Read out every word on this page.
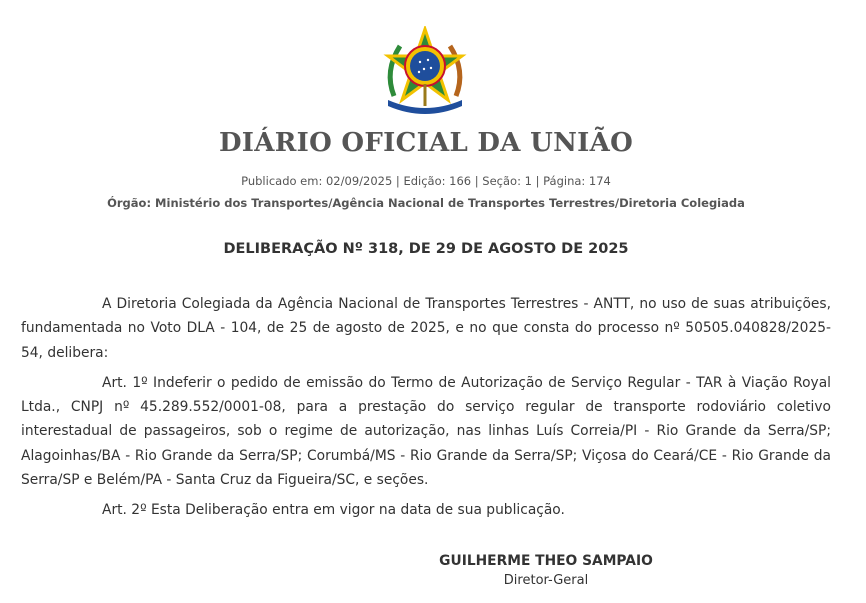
DIÁRIO OFICIAL DA UNIÃO
Publicado em: 02/09/2025 | Edição: 166 | Seção: 1 | Página: 174
Órgão: Ministério dos Transportes/Agência Nacional de Transportes Terrestres/Diretoria Colegiada
DELIBERAÇÃO Nº 318, DE 29 DE AGOSTO DE 2025

A Diretoria Colegiada da Agência Nacional de Transportes Terrestres - ANTT, no uso de suas atribuições, fundamentada no Voto DLA - 104, de 25 de agosto de 2025, e no que consta do processo nº 50505.040828/2025-54, delibera:

Art. 1º Indeferir o pedido de emissão do Termo de Autorização de Serviço Regular - TAR à Viação Royal Ltda., CNPJ nº 45.289.552/0001-08, para a prestação do serviço regular de transporte rodoviário coletivo interestadual de passageiros, sob o regime de autorização, nas linhas Luís Correia/PI - Rio Grande da Serra/SP; Alagoinhas/BA - Rio Grande da Serra/SP; Corumbá/MS - Rio Grande da Serra/SP; Viçosa do Ceará/CE - Rio Grande da Serra/SP e Belém/PA - Santa Cruz da Figueira/SC, e seções.

Art. 2º Esta Deliberação entra em vigor na data de sua publicação.

GUILHERME THEO SAMPAIO
Diretor-Geral
